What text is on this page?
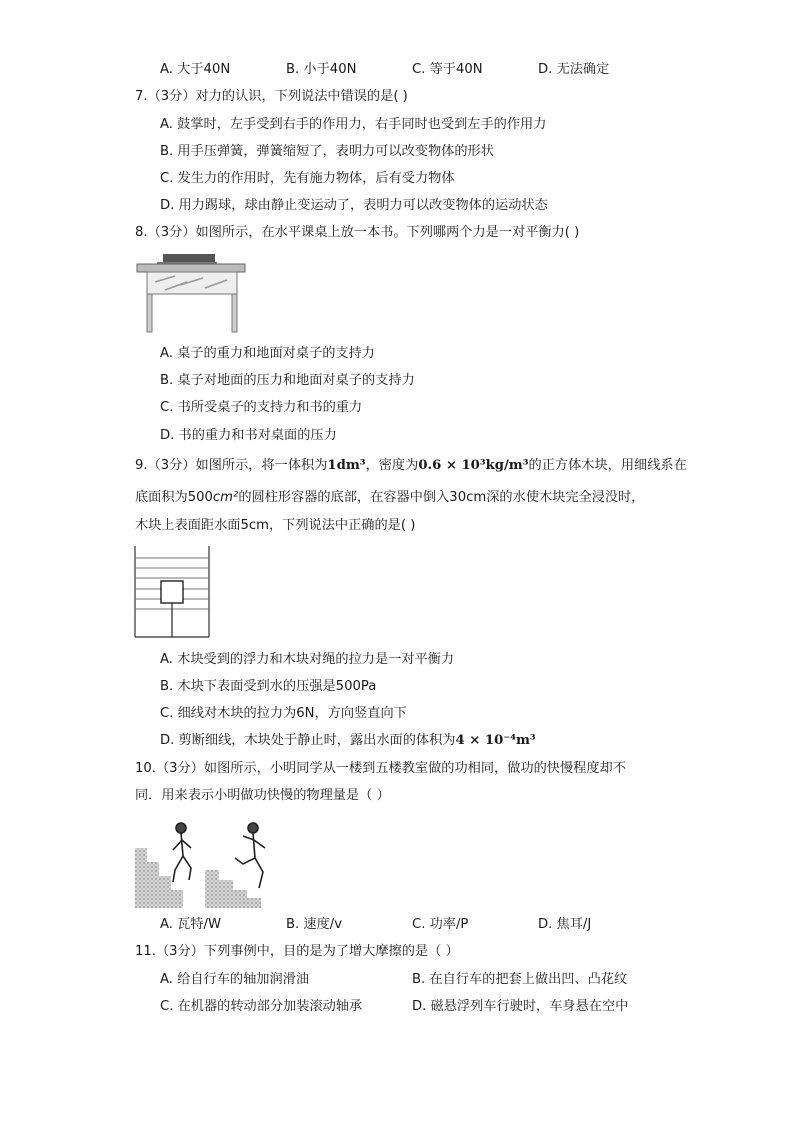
A. 大于40N	B. 小于40N	C. 等于40N	D. 无法确定
7.（3分）对力的认识，下列说法中错误的是( )
A. 鼓掌时，左手受到右手的作用力，右手同时也受到左手的作用力
B. 用手压弹簧，弹簧缩短了，表明力可以改变物体的形状
C. 发生力的作用时，先有施力物体，后有受力物体
D. 用力踢球，球由静止变运动了，表明力可以改变物体的运动状态
8.（3分）如图所示，在水平课桌上放一本书。下列哪两个力是一对平衡力( )
A. 桌子的重力和地面对桌子的支持力
B. 桌子对地面的压力和地面对桌子的支持力
C. 书所受桌子的支持力和书的重力
D. 书的重力和书对桌面的压力
9.（3分）如图所示，将一体积为1dm³，密度为0.6 × 10³kg/m³的正方体木块，用细线系在
底面积为500cm²的圆柱形容器的底部，在容器中倒入30cm深的水使木块完全浸没时，
木块上表面距水面5cm，下列说法中正确的是( )
A. 木块受到的浮力和木块对绳的拉力是一对平衡力
B. 木块下表面受到水的压强是500Pa
C. 细线对木块的拉力为6N，方向竖直向下
D. 剪断细线，木块处于静止时，露出水面的体积为4 × 10⁻⁴m³
10.（3分）如图所示，小明同学从一楼到五楼教室做的功相同，做功的快慢程度却不
同．用来表示小明做功快慢的物理量是（ ）
A. 瓦特/W	B. 速度/v	C. 功率/P	D. 焦耳/J
11.（3分）下列事例中，目的是为了增大摩擦的是（ ）
A. 给自行车的轴加润滑油	B. 在自行车的把套上做出凹、凸花纹
C. 在机器的转动部分加装滚动轴承	D. 磁悬浮列车行驶时，车身悬在空中
